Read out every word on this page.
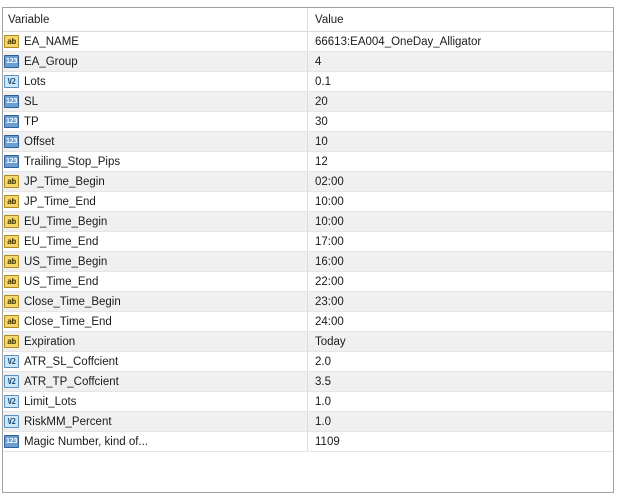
Variable	Value
ab EA_NAME	66613:EA004_OneDay_Alligator
123 EA_Group	4
V2 Lots	0.1
123 SL	20
123 TP	30
123 Offset	10
123 Trailing_Stop_Pips	12
ab JP_Time_Begin	02:00
ab JP_Time_End	10:00
ab EU_Time_Begin	10:00
ab EU_Time_End	17:00
ab US_Time_Begin	16:00
ab US_Time_End	22:00
ab Close_Time_Begin	23:00
ab Close_Time_End	24:00
ab Expiration	Today
V2 ATR_SL_Coffcient	2.0
V2 ATR_TP_Coffcient	3.5
V2 Limit_Lots	1.0
V2 RiskMM_Percent	1.0
123 Magic Number, kind of...	1109
